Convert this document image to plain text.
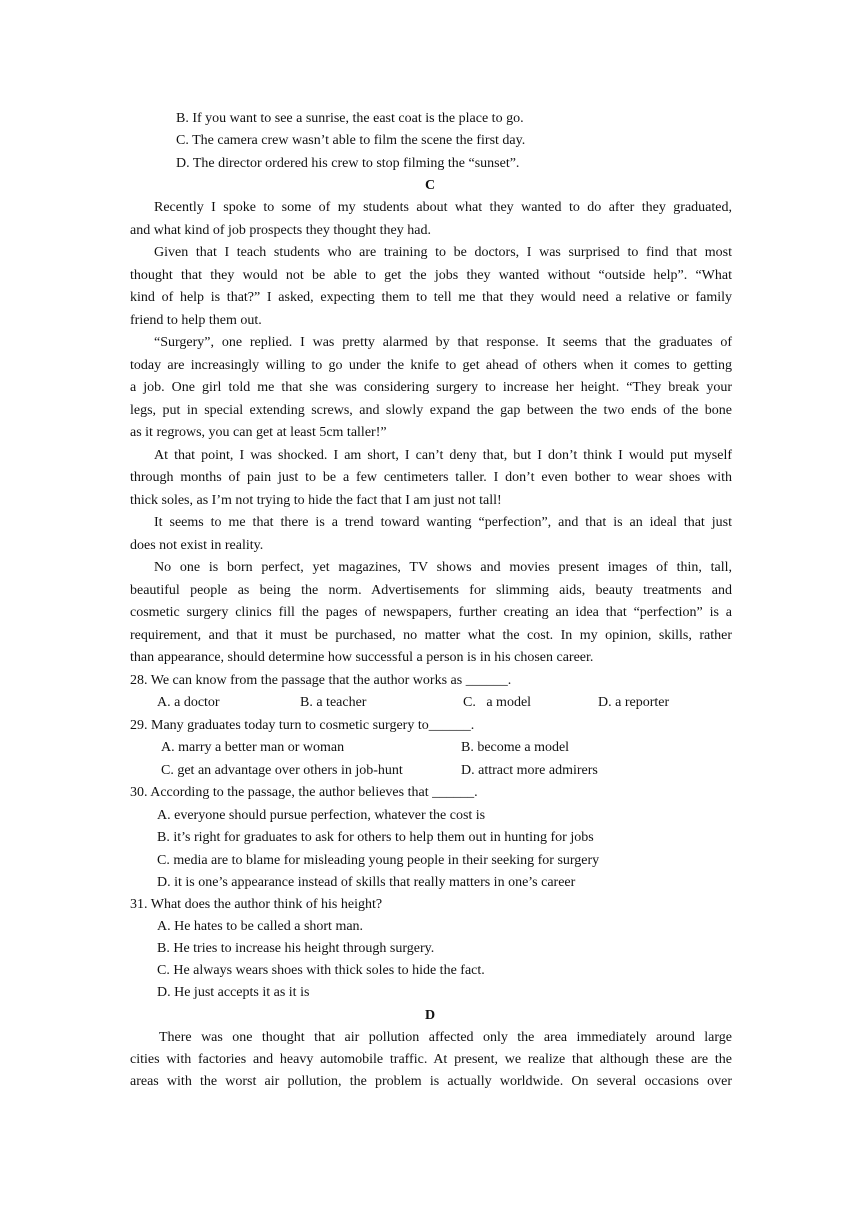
B. If you want to see a sunrise, the east coat is the place to go.
C. The camera crew wasn’t able to film the scene the first day.
D. The director ordered his crew to stop filming the “sunset”.
C
Recently I spoke to some of my students about what they wanted to do after they graduated,
and what kind of job prospects they thought they had.
Given that I teach students who are training to be doctors, I was surprised to find that most
thought that they would not be able to get the jobs they wanted without “outside help”. “What
kind of help is that?” I asked, expecting them to tell me that they would need a relative or family
friend to help them out.
“Surgery”, one replied. I was pretty alarmed by that response. It seems that the graduates of
today are increasingly willing to go under the knife to get ahead of others when it comes to getting
a job. One girl told me that she was considering surgery to increase her height. “They break your
legs, put in special extending screws, and slowly expand the gap between the two ends of the bone
as it regrows, you can get at least 5cm taller!”
At that point, I was shocked. I am short, I can’t deny that, but I don’t think I would put myself
through months of pain just to be a few centimeters taller. I don’t even bother to wear shoes with
thick soles, as I’m not trying to hide the fact that I am just not tall!
It seems to me that there is a trend toward wanting “perfection”, and that is an ideal that just
does not exist in reality.
No one is born perfect, yet magazines, TV shows and movies present images of thin, tall,
beautiful people as being the norm. Advertisements for slimming aids, beauty treatments and
cosmetic surgery clinics fill the pages of newspapers, further creating an idea that “perfection” is a
requirement, and that it must be purchased, no matter what the cost. In my opinion, skills, rather
than appearance, should determine how successful a person is in his chosen career.
28. We can know from the passage that the author works as ______.
A. a doctor	B. a teacher	C.   a model	D. a reporter
29. Many graduates today turn to cosmetic surgery to______.
A. marry a better man or woman	B. become a model
C. get an advantage over others in job-hunt	D. attract more admirers
30. According to the passage, the author believes that ______.
A. everyone should pursue perfection, whatever the cost is
B. it’s right for graduates to ask for others to help them out in hunting for jobs
C. media are to blame for misleading young people in their seeking for surgery
D. it is one’s appearance instead of skills that really matters in one’s career
31. What does the author think of his height?
A. He hates to be called a short man.
B. He tries to increase his height through surgery.
C. He always wears shoes with thick soles to hide the fact.
D. He just accepts it as it is
D
There was one thought that air pollution affected only the area immediately around large
cities with factories and heavy automobile traffic. At present, we realize that although these are the
areas with the worst air pollution, the problem is actually worldwide. On several occasions over
